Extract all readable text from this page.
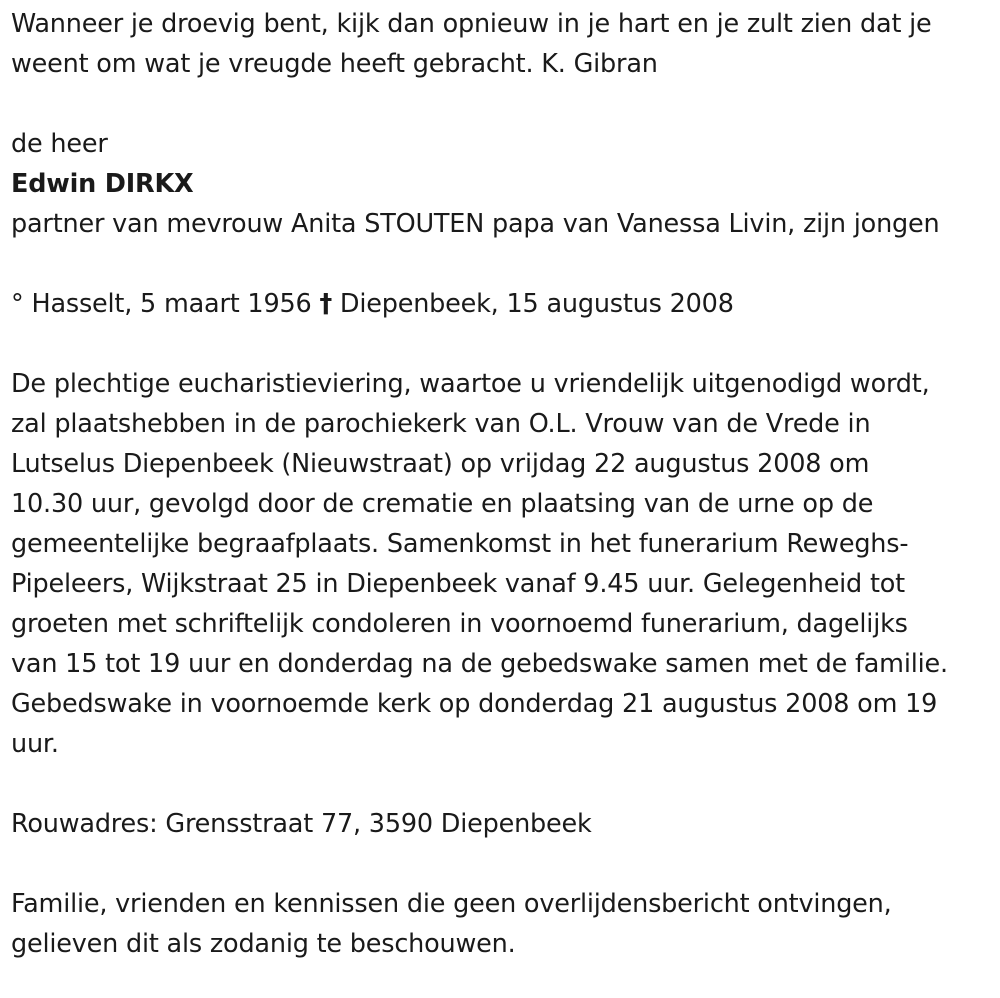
Wanneer je droevig bent, kijk dan opnieuw in je hart en je zult zien dat je
weent om wat je vreugde heeft gebracht. K. Gibran
de heer
Edwin DIRKX
partner van mevrouw Anita STOUTEN papa van Vanessa Livin, zijn jongen
° Hasselt, 5 maart 1956 † Diepenbeek, 15 augustus 2008
De plechtige eucharistieviering, waartoe u vriendelijk uitgenodigd wordt,
zal plaatshebben in de parochiekerk van O.L. Vrouw van de Vrede in
Lutselus Diepenbeek (Nieuwstraat) op vrijdag 22 augustus 2008 om
10.30 uur, gevolgd door de crematie en plaatsing van de urne op de
gemeentelijke begraafplaats. Samenkomst in het funerarium Reweghs-
Pipeleers, Wijkstraat 25 in Diepenbeek vanaf 9.45 uur. Gelegenheid tot
groeten met schriftelijk condoleren in voornoemd funerarium, dagelijks
van 15 tot 19 uur en donderdag na de gebedswake samen met de familie.
Gebedswake in voornoemde kerk op donderdag 21 augustus 2008 om 19
uur.
Rouwadres: Grensstraat 77, 3590 Diepenbeek
Familie, vrienden en kennissen die geen overlijdensbericht ontvingen,
gelieven dit als zodanig te beschouwen.
